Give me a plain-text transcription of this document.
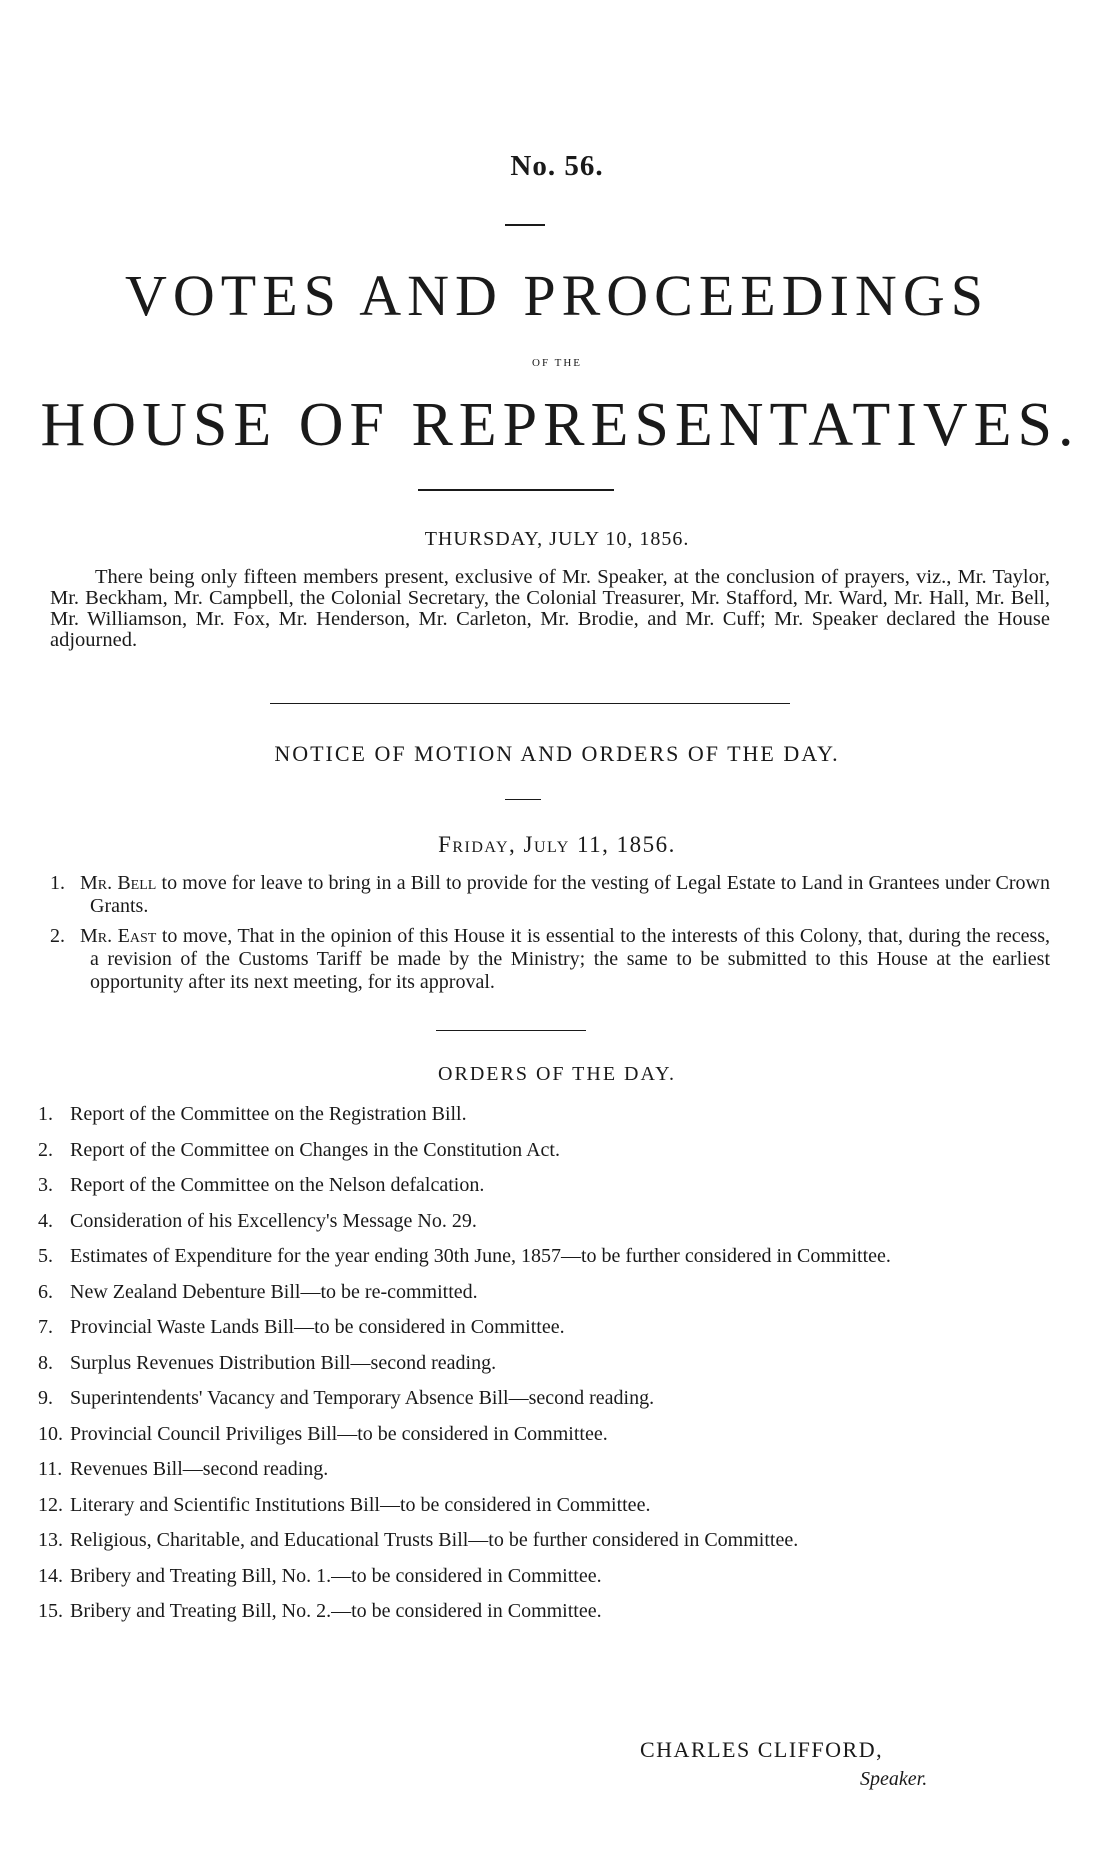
No. 56.
VOTES AND PROCEEDINGS
OF THE
HOUSE OF REPRESENTATIVES.
THURSDAY, JULY 10, 1856.
There being only fifteen members present, exclusive of Mr. Speaker, at the conclusion of prayers, viz., Mr. Taylor, Mr. Beckham, Mr. Campbell, the Colonial Secretary, the Colonial Treasurer, Mr. Stafford, Mr. Ward, Mr. Hall, Mr. Bell, Mr. Williamson, Mr. Fox, Mr. Henderson, Mr. Carleton, Mr. Brodie, and Mr. Cuff; Mr. Speaker declared the House adjourned.
NOTICE OF MOTION AND ORDERS OF THE DAY.
Friday, July 11, 1856.
1. Mr. Bell to move for leave to bring in a Bill to provide for the vesting of Legal Estate to Land in Grantees under Crown Grants.
2. Mr. East to move, That in the opinion of this House it is essential to the interests of this Colony, that, during the recess, a revision of the Customs Tariff be made by the Ministry; the same to be submitted to this House at the earliest opportunity after its next meeting, for its approval.
ORDERS OF THE DAY.
1. Report of the Committee on the Registration Bill.
2. Report of the Committee on Changes in the Constitution Act.
3. Report of the Committee on the Nelson defalcation.
4. Consideration of his Excellency's Message No. 29.
5. Estimates of Expenditure for the year ending 30th June, 1857—to be further considered in Committee.
6. New Zealand Debenture Bill—to be re-committed.
7. Provincial Waste Lands Bill—to be considered in Committee.
8. Surplus Revenues Distribution Bill—second reading.
9. Superintendents' Vacancy and Temporary Absence Bill—second reading.
10. Provincial Council Priviliges Bill—to be considered in Committee.
11. Revenues Bill—second reading.
12. Literary and Scientific Institutions Bill—to be considered in Committee.
13. Religious, Charitable, and Educational Trusts Bill—to be further considered in Committee.
14. Bribery and Treating Bill, No. 1.—to be considered in Committee.
15. Bribery and Treating Bill, No. 2.—to be considered in Committee.
CHARLES CLIFFORD,
Speaker.
